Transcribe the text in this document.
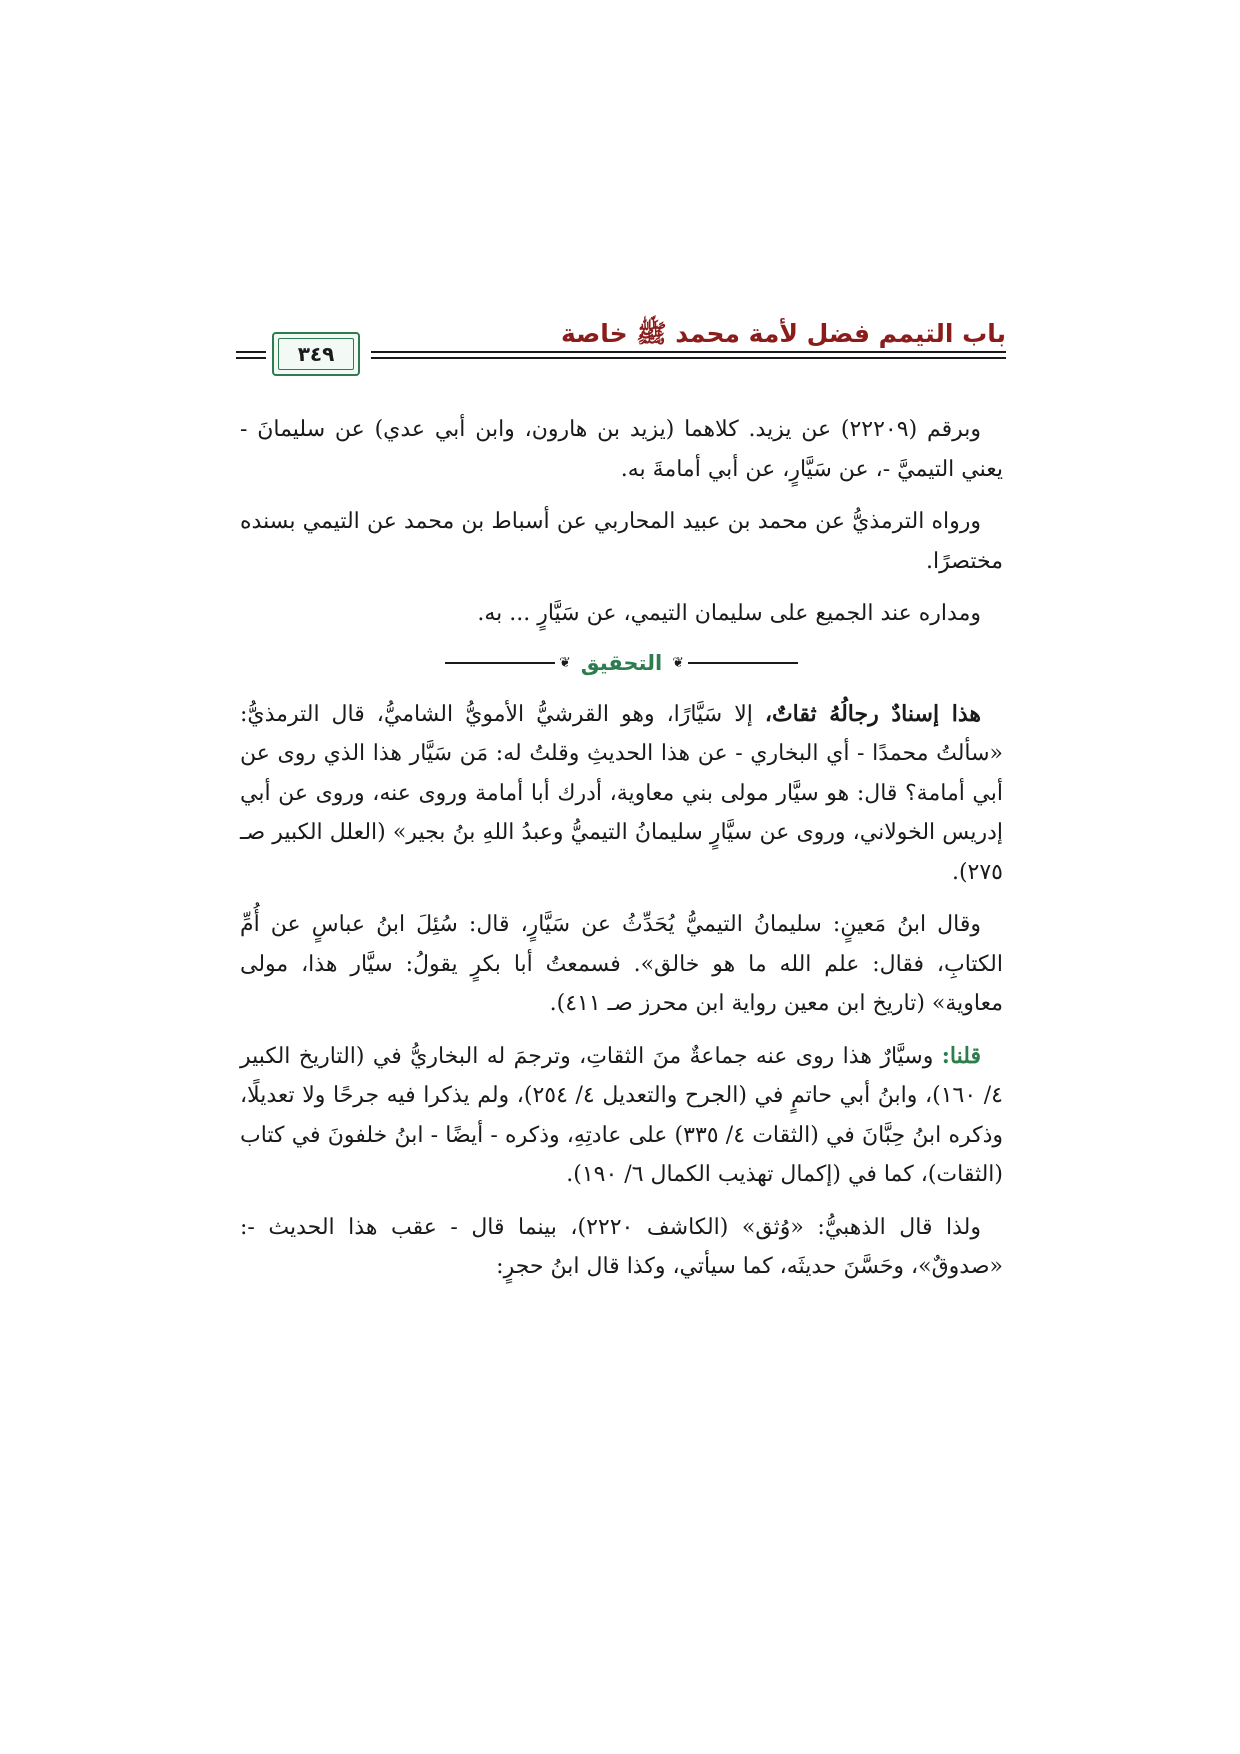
باب التيمم فضل لأمة محمد ﷺ خاصة
٣٤٩

وبرقم (٢٢٢٠٩) عن يزيد. كلاهما (يزيد بن هارون، وابن أبي عدي) عن سليمانَ - يعني التيميَّ -، عن سَيَّارٍ، عن أبي أمامةَ به.

ورواه الترمذيُّ عن محمد بن عبيد المحاربي عن أسباط بن محمد عن التيمي بسنده مختصرًا.

ومداره عند الجميع على سليمان التيمي، عن سَيَّارٍ ... به.

❦
التحقيق
❦

هذا إسنادٌ رجالُهُ ثقاتٌ، إلا سَيَّارًا، وهو القرشيُّ الأمويُّ الشاميُّ، قال الترمذيُّ: «سألتُ محمدًا - أي البخاري - عن هذا الحديثِ وقلتُ له: مَن سَيَّار هذا الذي روى عن أبي أمامة؟ قال: هو سيَّار مولى بني معاوية، أدرك أبا أمامة وروى عنه، وروى عن أبي إدريس الخولاني، وروى عن سيَّارٍ سليمانُ التيميُّ وعبدُ اللهِ بنُ بجير» (العلل الكبير صـ ٢٧٥).

وقال ابنُ مَعينٍ: سليمانُ التيميُّ يُحَدِّثُ عن سَيَّارٍ، قال: سُئِلَ ابنُ عباسٍ عن أُمِّ الكتابِ، فقال: علم الله ما هو خالق». فسمعتُ أبا بكرٍ يقولُ: سيَّار هذا، مولى معاوية» (تاريخ ابن معين رواية ابن محرز صـ ٤١١).

قلنا: وسيَّارٌ هذا روى عنه جماعةٌ منَ الثقاتِ، وترجمَ له البخاريُّ في (التاريخ الكبير ٤/ ١٦٠)، وابنُ أبي حاتمٍ في (الجرح والتعديل ٤/ ٢٥٤)، ولم يذكرا فيه جرحًا ولا تعديلًا، وذكره ابنُ حِبَّانَ في (الثقات ٤/ ٣٣٥) على عادتِهِ، وذكره - أيضًا - ابنُ خلفونَ في كتاب (الثقات)، كما في (إكمال تهذيب الكمال ٦/ ١٩٠).

ولذا قال الذهبيُّ: «وُثق» (الكاشف ٢٢٢٠)، بينما قال - عقب هذا الحديث -: «صدوقٌ»، وحَسَّنَ حديثَه، كما سيأتي، وكذا قال ابنُ حجرٍ:
